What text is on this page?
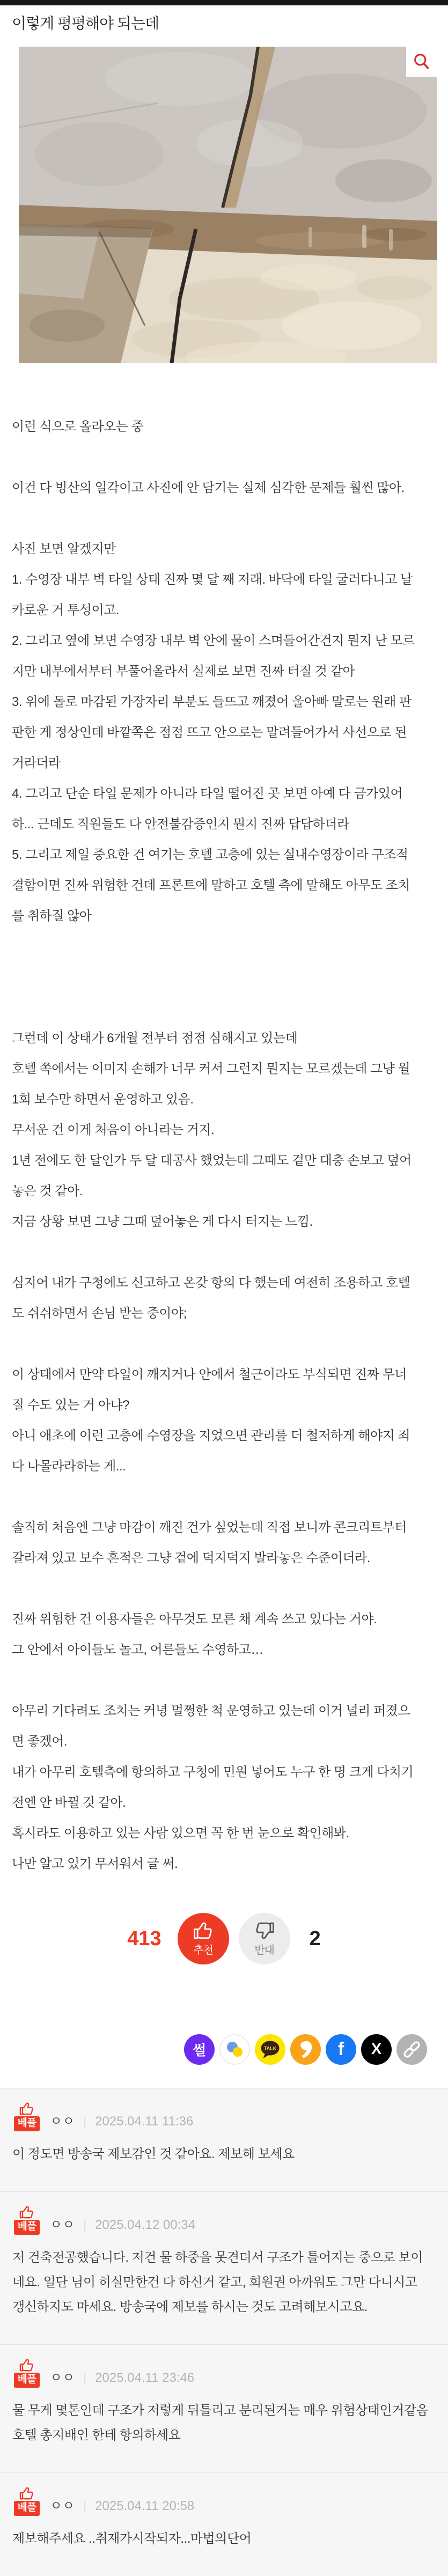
이렇게 평평해야 되는데

이런 식으로 올라오는 중

이건 다 빙산의 일각이고 사진에 안 담기는 실제 심각한 문제들 훨씬 많아.

사진 보면 알겠지만

1. 수영장 내부 벽 타일 상태 진짜 몇 달 째 저래. 바닥에 타일 굴러다니고 날카로운 거 투성이고.

2. 그리고 옆에 보면 수영장 내부 벽 안에 물이 스며들어간건지 뭔지 난 모르지만 내부에서부터 부풀어올라서 실제로 보면 진짜 터질 것 같아

3. 위에 돌로 마감된 가장자리 부분도 들뜨고 깨졌어 울아빠 말로는 원래 판판한 게 정상인데 바깥쪽은 점점 뜨고 안으로는 말려들어가서 사선으로 된 거라더라

4. 그리고 단순 타일 문제가 아니라 타일 떨어진 곳 보면 아예 다 금가있어 하... 근데도 직원들도 다 안전불감증인지 뭔지 진짜 답답하더라

5. 그리고 제일 중요한 건 여기는 호텔 고층에 있는 실내수영장이라 구조적 결함이면 진짜 위험한 건데 프론트에 말하고 호텔 측에 말해도 아무도 조치를 취하질 않아

그런데 이 상태가 6개월 전부터 점점 심해지고 있는데

호텔 쪽에서는 이미지 손해가 너무 커서 그런지 뭔지는 모르겠는데 그냥 월 1회 보수만 하면서 운영하고 있음.

무서운 건 이게 처음이 아니라는 거지.

1년 전에도 한 달인가 두 달 대공사 했었는데 그때도 겉만 대충 손보고 덮어놓은 것 같아.

지금 상황 보면 그냥 그때 덮어놓은 게 다시 터지는 느낌.

심지어 내가 구청에도 신고하고 온갖 항의 다 했는데 여전히 조용하고 호텔도 쉬쉬하면서 손님 받는 중이야;

이 상태에서 만약 타일이 깨지거나 안에서 철근이라도 부식되면 진짜 무너질 수도 있는 거 아냐?

아니 애초에 이런 고층에 수영장을 지었으면 관리를 더 철저하게 해야지 죄다 나몰라라하는 게...

솔직히 처음엔 그냥 마감이 깨진 건가 싶었는데 직접 보니까 콘크리트부터 갈라져 있고 보수 흔적은 그냥 겉에 덕지덕지 발라놓은 수준이더라.

진짜 위험한 건 이용자들은 아무것도 모른 채 계속 쓰고 있다는 거야.

그 안에서 아이들도 놀고, 어른들도 수영하고…

아무리 기다려도 조치는 커녕 멀쩡한 척 운영하고 있는데 이거 널리 퍼졌으면 좋겠어.

내가 아무리 호텔측에 항의하고 구청에 민원 넣어도 누구 한 명 크게 다치기 전엔 안 바뀔 것 같아.

혹시라도 이용하고 있는 사람 있으면 꼭 한 번 눈으로 확인해봐.

나만 알고 있기 무서워서 글 써.

413
추천	반대
2
썰	TALK	f X
베플 ㅇㅇ | 2025.04.11 11:36

이 정도면 방송국 제보감인 것 같아요. 제보해 보세요

베플 ㅇㅇ | 2025.04.12 00:34

저 건축전공했습니다. 저건 물 하중을 못견뎌서 구조가 틀어지는 중으로 보이네요. 일단 님이 히실만한건 다 하신거 같고, 회원권 아까워도 그만 다니시고 갱신하지도 마세요. 방송국에 제보를 하시는 것도 고려해보시고요.

베플 ㅇㅇ | 2025.04.11 23:46

물 무게 몇톤인데 구조가 저렇게 뒤틀리고 분리된거는 매우 위험상태인거같음 호텔 총지배인 한테 항의하세요

베플 ㅇㅇ | 2025.04.11 20:58

제보해주세요 ..취재가시작되자...마법의단어
